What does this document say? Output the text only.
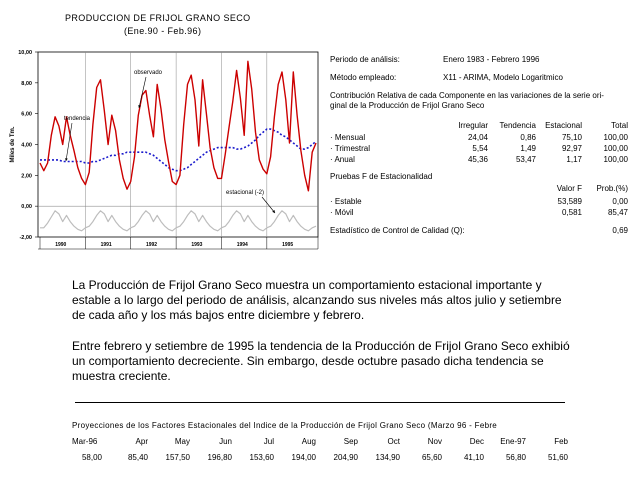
PRODUCCION DE FRIJOL GRANO SECO
(Ene.90 - Feb.96)
10,00
8,00
6,00
4,00
2,00
0,00
-2,00
1990	1991	1992	1993	1994	1995
Miles de Tm.
observado
tendencia
estacional (-2)
Periodo de análisis:	Enero 1983 - Febrero 1996
Método empleado:	X11 - ARIMA, Modelo Logaritmico
Contribución Relativa de cada Componente en las variaciones de la serie ori-
ginal de la Producción de Frijol Grano Seco
Irregular	Tendencia	Estacional	Total
· Mensual	24,04	0,86	75,10	100,00
· Trimestral	5,54	1,49	92,97	100,00
· Anual	45,36	53,47	1,17	100,00
Pruebas F de Estacionalidad
Valor F	Prob.(%)
· Estable	53,589	0,00
· Móvil	0,581	85,47
Estadístico de Control de Calidad (Q):	0,69
La Producción de Frijol Grano Seco muestra un comportamiento estacional importante y estable a lo largo del periodo de análisis, alcanzando sus niveles más altos julio y setiembre de cada año y los más bajos entre diciembre y febrero.
Entre febrero y setiembre de 1995 la tendencia de la Producción de Frijol Grano Seco exhibió un comportamiento decreciente. Sin embargo, desde octubre pasado dicha tendencia se muestra creciente.
Proyecciones de los Factores Estacionales del Indice de la Producción de Frijol Grano Seco (Marzo 96 - Febre
Mar-96	Apr	May	Jun	Jul	Aug	Sep	Oct	Nov	Dec	Ene-97	Feb
58,00	85,40	157,50	196,80	153,60	194,00	204,90	134,90	65,60	41,10	56,80	51,60
